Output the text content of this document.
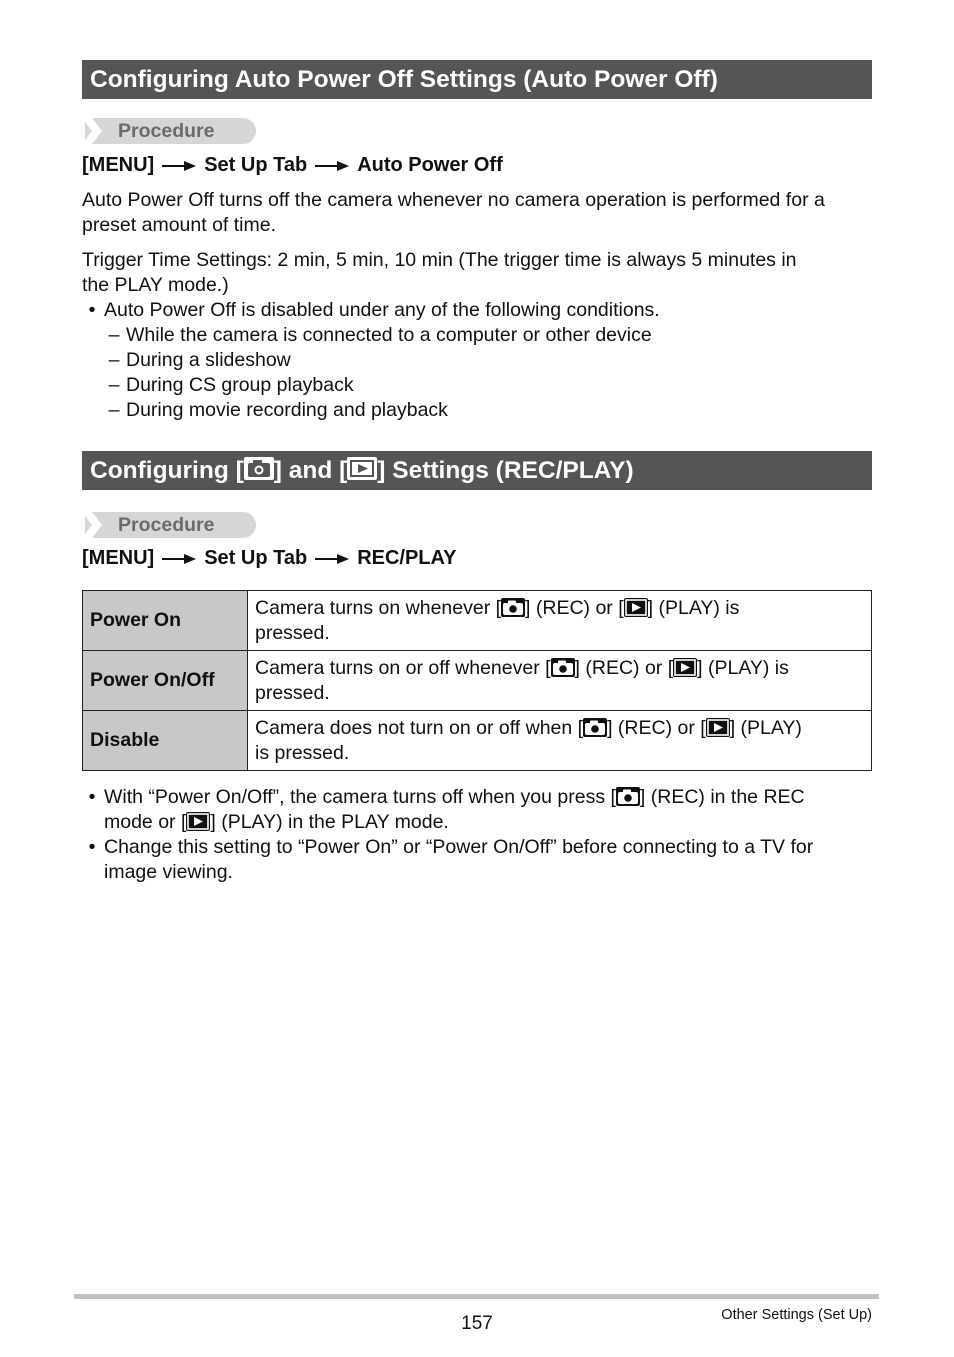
Configuring Auto Power Off Settings (Auto Power Off)
Procedure
[MENU]	Set Up Tab	Auto Power Off

Auto Power Off turns off the camera whenever no camera operation is performed for a preset amount of time.

Trigger Time Settings: 2 min, 5 min, 10 min (The trigger time is always 5 minutes in
the PLAY mode.)
• Auto Power Off is disabled under any of the following conditions.
– While the camera is connected to a computer or other device
– During a slideshow
– During CS group playback
– During movie recording and playback
Configuring [ ] and [ ] Settings (REC/PLAY)
Procedure
[MENU]	Set Up Tab	REC/PLAY
Power On	Camera turns on whenever [ ] (REC) or [ ] (PLAY) is
pressed.
Power On/Off	Camera turns on or off whenever [ ] (REC) or [ ] (PLAY) is
pressed.
Disable	Camera does not turn on or off when [ ] (REC) or [ ] (PLAY)
is pressed.
• With “Power On/Off”, the camera turns off when you press [ ] (REC) in the REC
mode or [ ] (PLAY) in the PLAY mode.
• Change this setting to “Power On” or “Power On/Off” before connecting to a TV for
image viewing.
157	Other Settings (Set Up)
